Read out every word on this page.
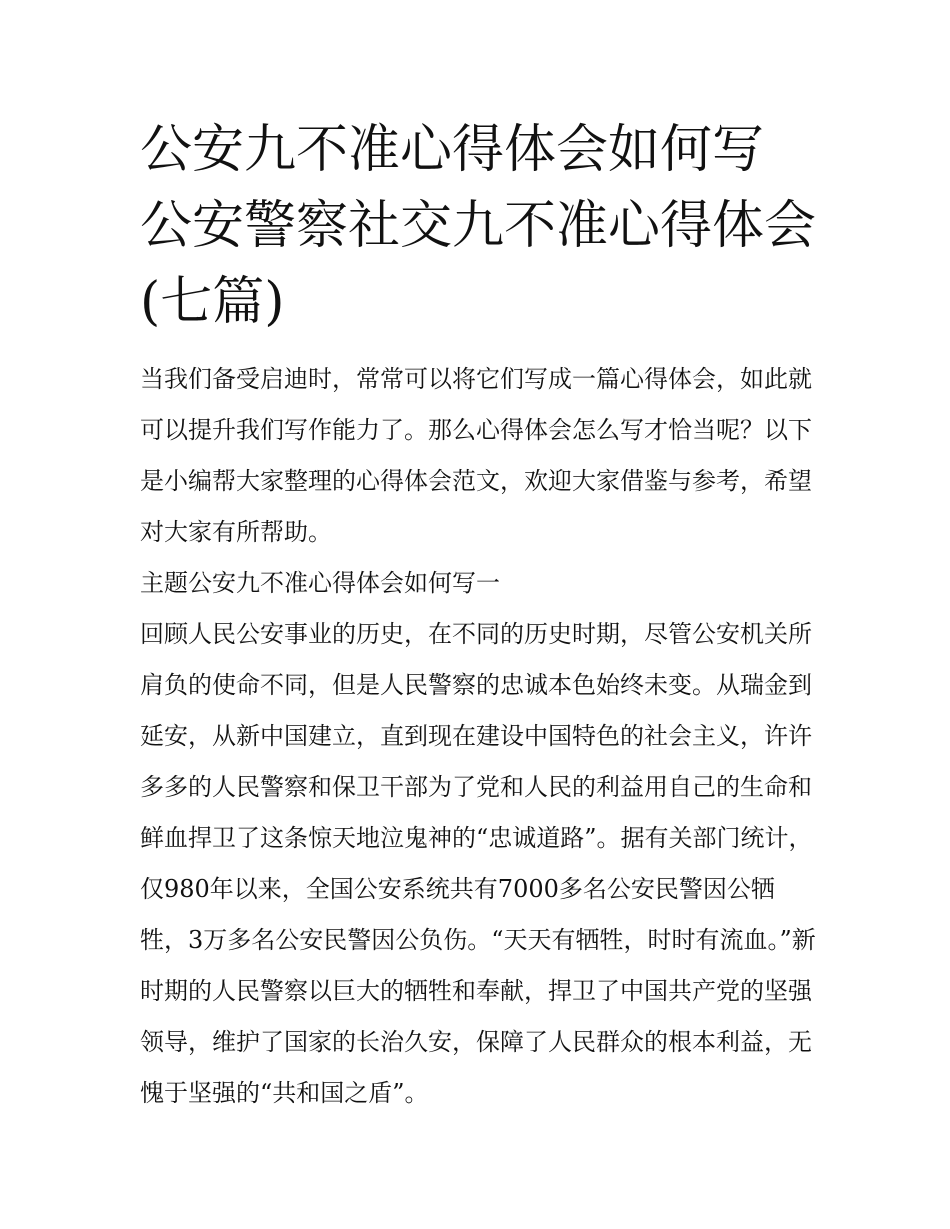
公安九不准心得体会如何写 公安警察社交九不准心得体会(七篇)

当我们备受启迪时，常常可以将它们写成一篇心得体会，如此就可以提升我们写作能力了。那么心得体会怎么写才恰当呢？以下是小编帮大家整理的心得体会范文，欢迎大家借鉴与参考，希望对大家有所帮助。

主题公安九不准心得体会如何写一

回顾人民公安事业的历史，在不同的历史时期，尽管公安机关所肩负的使命不同，但是人民警察的忠诚本色始终未变。从瑞金到延安，从新中国建立，直到现在建设中国特色的社会主义，许许多多的人民警察和保卫干部为了党和人民的利益用自己的生命和鲜血捍卫了这条惊天地泣鬼神的“忠诚道路”。据有关部门统计，仅980年以来，全国公安系统共有7000多名公安民警因公牺牲，3万多名公安民警因公负伤。“天天有牺牲，时时有流血。”新时期的人民警察以巨大的牺牲和奉献，捍卫了中国共产党的坚强领导，维护了国家的长治久安，保障了人民群众的根本利益，无愧于坚强的“共和国之盾”。
